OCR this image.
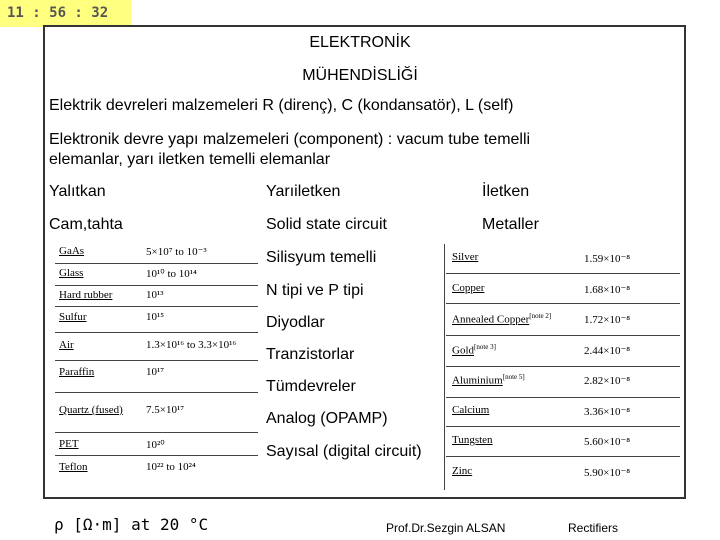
11 : 56 : 32
ELEKTRONİK
MÜHENDİSLİĞİ
Elektrik devreleri malzemeleri R (direnç), C (kondansatör), L (self)
Elektronik devre yapı malzemeleri (component) : vacum tube temelli
elemanlar, yarı iletken temelli elemanlar
Yalıtkan	Yarıiletken	İletken
Cam,tahta	Solid state circuit	Metaller
GaAs	5×10⁷ to 10⁻³
Glass	10¹⁰ to 10¹⁴
Hard rubber	10¹³
Sulfur	10¹⁵
Air	1.3×10¹⁶ to 3.3×10¹⁶
Paraffin	10¹⁷
Quartz (fused) 7.5×10¹⁷
PET	10²⁰
Teflon	10²² to 10²⁴
Silisyum temelli
N tipi ve P tipi
Diyodlar
Tranzistorlar
Tümdevreler
Analog (OPAMP)
Sayısal (digital circuit)
Silver	1.59×10⁻⁸
Copper	1.68×10⁻⁸
Annealed Copper[note 2]	1.72×10⁻⁸
Gold[note 3]	2.44×10⁻⁸
Aluminium[note 5]	2.82×10⁻⁸
Calcium	3.36×10⁻⁸
Tungsten	5.60×10⁻⁸
Zinc	5.90×10⁻⁸
ρ [Ω·m] at 20 °C	Prof.Dr.Sezgin ALSAN	Rectifiers
